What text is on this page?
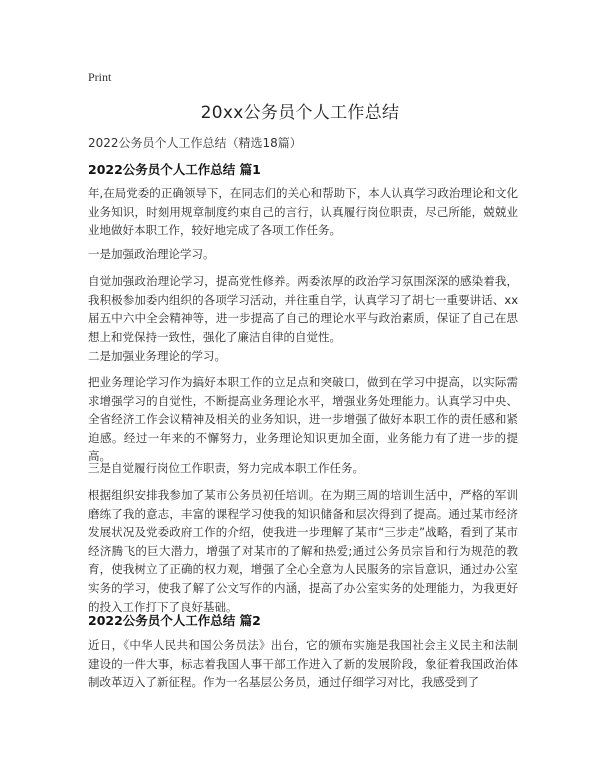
Print
20xx公务员个人工作总结
2022公务员个人工作总结（精选18篇）
2022公务员个人工作总结 篇1
年,在局党委的正确领导下，在同志们的关心和帮助下，本人认真学习政治理论和文化业务知识，时刻用规章制度约束自己的言行，认真履行岗位职责，尽己所能，兢兢业业地做好本职工作，较好地完成了各项工作任务。
一是加强政治理论学习。
自觉加强政治理论学习，提高党性修养。两委浓厚的政治学习氛围深深的感染着我，我积极参加委内组织的各项学习活动，并往重自学，认真学习了胡七一重要讲话、xx届五中六中全会精神等，进一步提高了自己的理论水平与政治素质，保证了自己在思想上和党保持一致性，强化了廉洁自律的自觉性。
二是加强业务理论的学习。
把业务理论学习作为搞好本职工作的立足点和突破口，做到在学习中提高，以实际需求增强学习的自觉性，不断提高业务理论水平，增强业务处理能力。认真学习中央、全省经济工作会议精神及相关的业务知识，进一步增强了做好本职工作的责任感和紧迫感。经过一年来的不懈努力，业务理论知识更加全面，业务能力有了进一步的提高。
三是自觉履行岗位工作职责，努力完成本职工作任务。
根据组织安排我参加了某市公务员初任培训。在为期三周的培训生活中，严格的军训磨练了我的意志，丰富的课程学习使我的知识储备和层次得到了提高。通过某市经济发展状况及党委政府工作的介绍，使我进一步理解了某市“三步走”战略，看到了某市经济腾飞的巨大潜力，增强了对某市的了解和热爱;通过公务员宗旨和行为规范的教育，使我树立了正确的权力观，增强了全心全意为人民服务的宗旨意识，通过办公室实务的学习，使我了解了公文写作的内涵，提高了办公室实务的处理能力，为我更好的投入工作打下了良好基础。
2022公务员个人工作总结 篇2
近日，《中华人民共和国公务员法》出台，它的颁布实施是我国社会主义民主和法制建设的一件大事，标志着我国人事干部工作进入了新的发展阶段，象征着我国政治体制改革迈入了新征程。作为一名基层公务员，通过仔细学习对比，我感受到了
